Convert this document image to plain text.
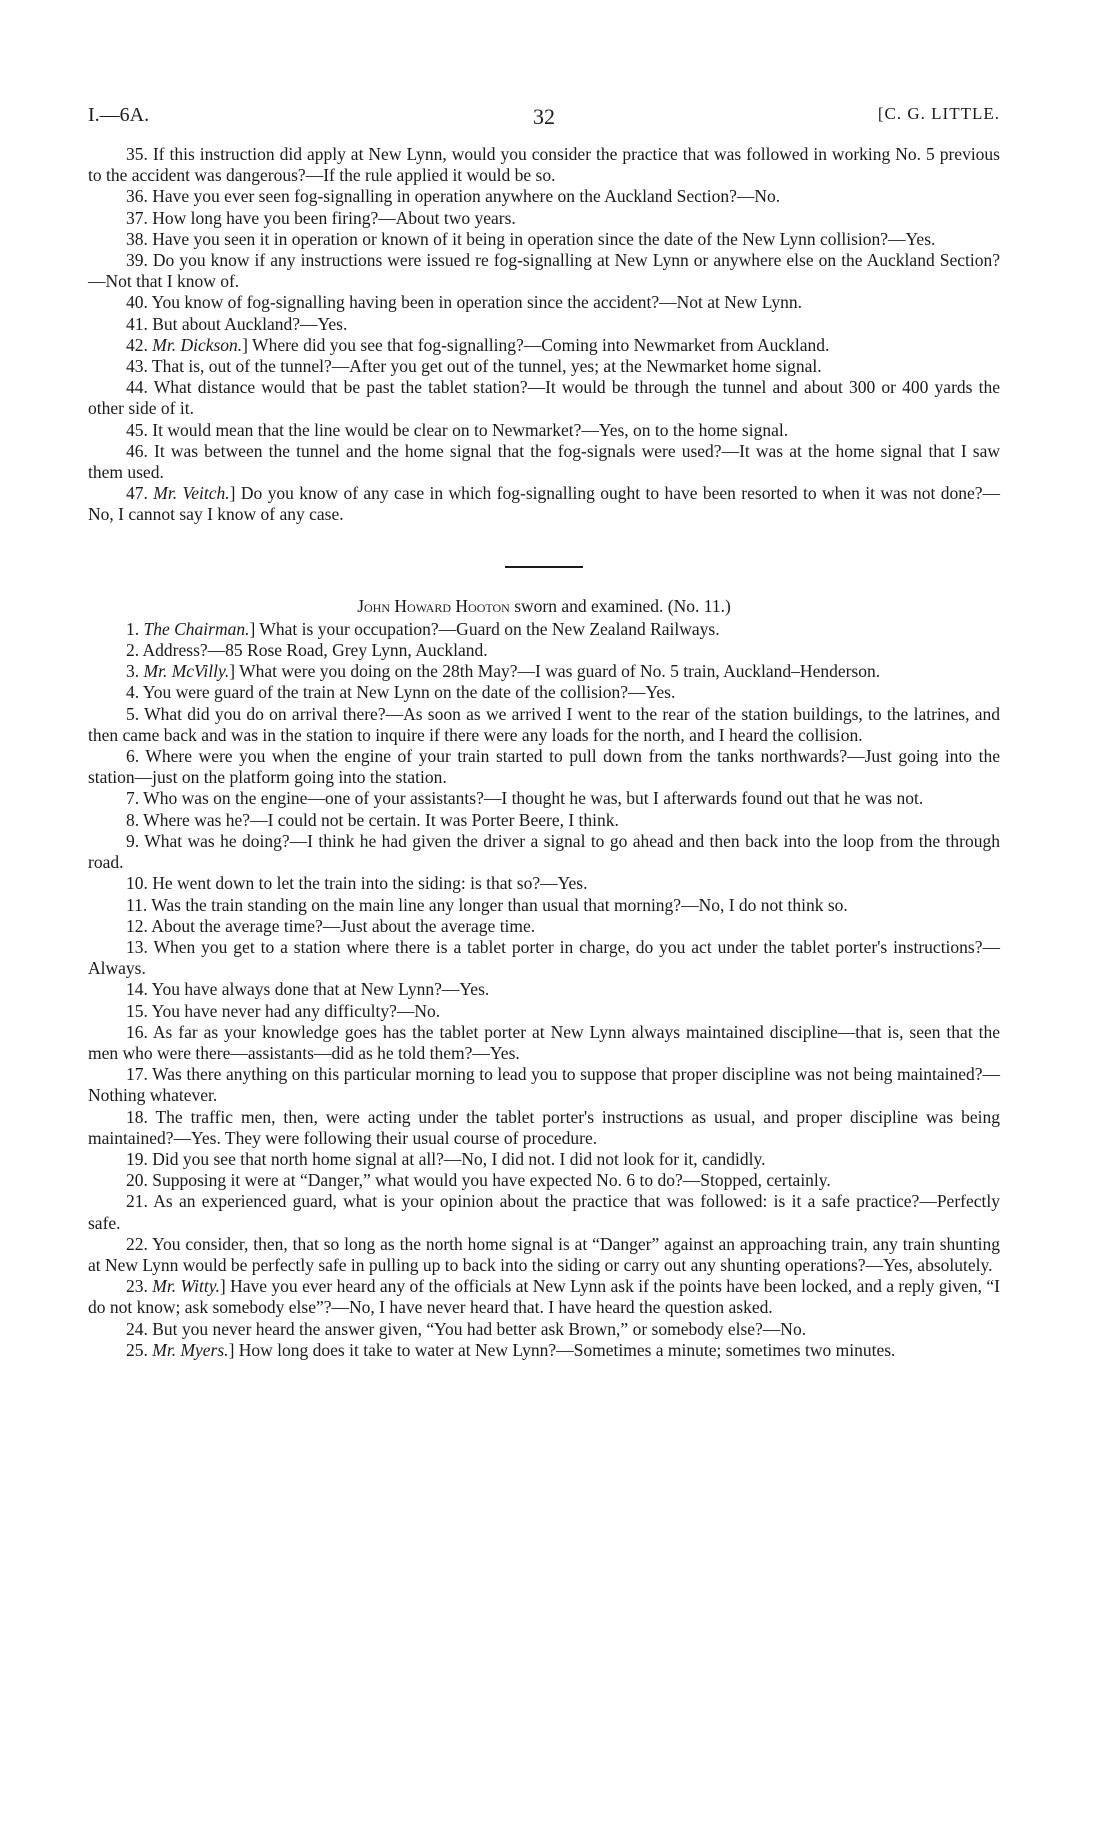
I.—6A.	32	[C. G. LITTLE.

35. If this instruction did apply at New Lynn, would you consider the practice that was followed in working No. 5 previous to the accident was dangerous?—If the rule applied it would be so.

36. Have you ever seen fog-signalling in operation anywhere on the Auckland Section?—No.

37. How long have you been firing?—About two years.

38. Have you seen it in operation or known of it being in operation since the date of the New Lynn collision?—Yes.

39. Do you know if any instructions were issued re fog-signalling at New Lynn or anywhere else on the Auckland Section?—Not that I know of.

40. You know of fog-signalling having been in operation since the accident?—Not at New Lynn.

41. But about Auckland?—Yes.

42. Mr. Dickson.] Where did you see that fog-signalling?—Coming into Newmarket from Auckland.

43. That is, out of the tunnel?—After you get out of the tunnel, yes; at the Newmarket home signal.

44. What distance would that be past the tablet station?—It would be through the tunnel and about 300 or 400 yards the other side of it.

45. It would mean that the line would be clear on to Newmarket?—Yes, on to the home signal.

46. It was between the tunnel and the home signal that the fog-signals were used?—It was at the home signal that I saw them used.

47. Mr. Veitch.] Do you know of any case in which fog-signalling ought to have been resorted to when it was not done?—No, I cannot say I know of any case.

John Howard Hooton sworn and examined. (No. 11.)

1. The Chairman.] What is your occupation?—Guard on the New Zealand Railways.

2. Address?—85 Rose Road, Grey Lynn, Auckland.

3. Mr. McVilly.] What were you doing on the 28th May?—I was guard of No. 5 train, Auckland–Henderson.

4. You were guard of the train at New Lynn on the date of the collision?—Yes.

5. What did you do on arrival there?—As soon as we arrived I went to the rear of the station buildings, to the latrines, and then came back and was in the station to inquire if there were any loads for the north, and I heard the collision.

6. Where were you when the engine of your train started to pull down from the tanks northwards?—Just going into the station—just on the platform going into the station.

7. Who was on the engine—one of your assistants?—I thought he was, but I afterwards found out that he was not.

8. Where was he?—I could not be certain. It was Porter Beere, I think.

9. What was he doing?—I think he had given the driver a signal to go ahead and then back into the loop from the through road.

10. He went down to let the train into the siding: is that so?—Yes.

11. Was the train standing on the main line any longer than usual that morning?—No, I do not think so.

12. About the average time?—Just about the average time.

13. When you get to a station where there is a tablet porter in charge, do you act under the tablet porter's instructions?—Always.

14. You have always done that at New Lynn?—Yes.

15. You have never had any difficulty?—No.

16. As far as your knowledge goes has the tablet porter at New Lynn always maintained discipline—that is, seen that the men who were there—assistants—did as he told them?—Yes.

17. Was there anything on this particular morning to lead you to suppose that proper discipline was not being maintained?—Nothing whatever.

18. The traffic men, then, were acting under the tablet porter's instructions as usual, and proper discipline was being maintained?—Yes. They were following their usual course of procedure.

19. Did you see that north home signal at all?—No, I did not. I did not look for it, candidly.

20. Supposing it were at “Danger,” what would you have expected No. 6 to do?—Stopped, certainly.

21. As an experienced guard, what is your opinion about the practice that was followed: is it a safe practice?—Perfectly safe.

22. You consider, then, that so long as the north home signal is at “Danger” against an approaching train, any train shunting at New Lynn would be perfectly safe in pulling up to back into the siding or carry out any shunting operations?—Yes, absolutely.

23. Mr. Witty.] Have you ever heard any of the officials at New Lynn ask if the points have been locked, and a reply given, “I do not know; ask somebody else”?—No, I have never heard that. I have heard the question asked.

24. But you never heard the answer given, “You had better ask Brown,” or somebody else?—No.

25. Mr. Myers.] How long does it take to water at New Lynn?—Sometimes a minute; sometimes two minutes.
